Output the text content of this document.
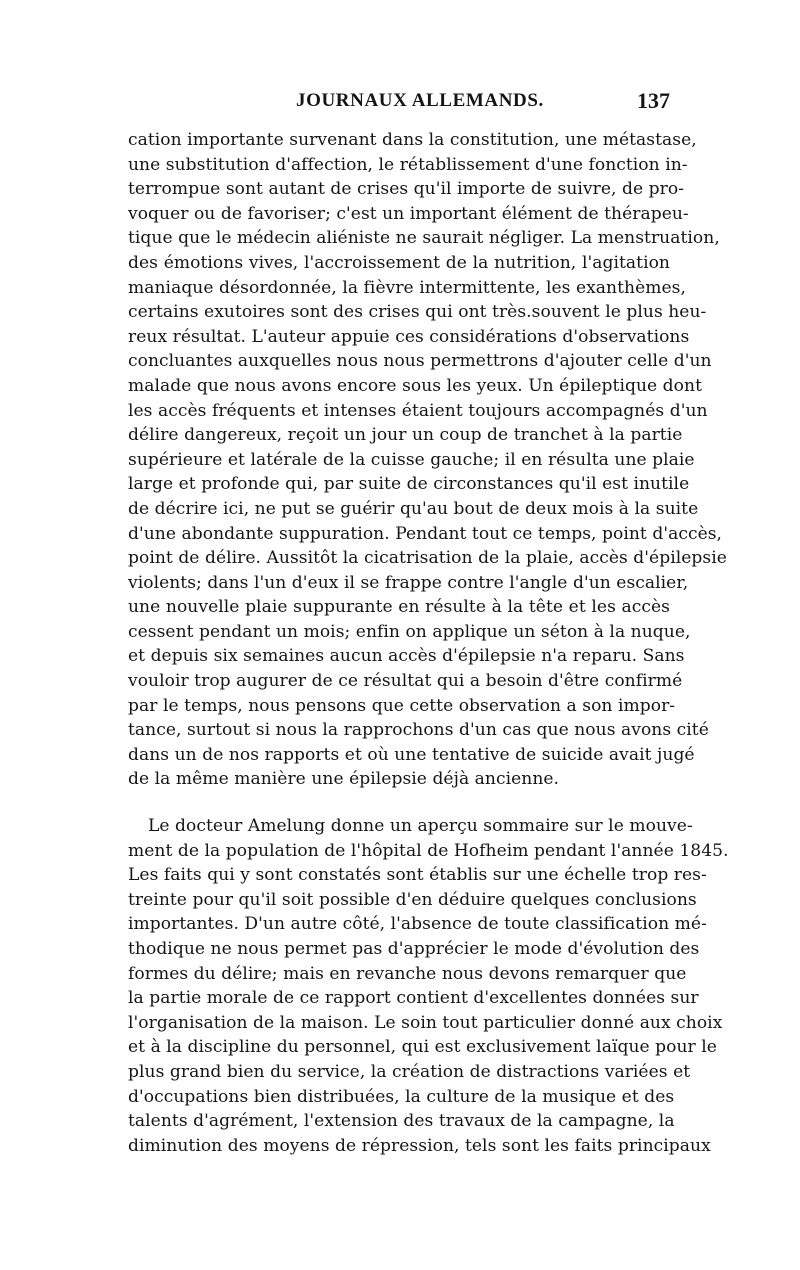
JOURNAUX ALLEMANDS.	137
cation importante survenant dans la constitution, une métastase,
une substitution d'affection, le rétablissement d'une fonction in-
terrompue sont autant de crises qu'il importe de suivre, de pro-
voquer ou de favoriser; c'est un important élément de thérapeu-
tique que le médecin aliéniste ne saurait négliger. La menstruation,
des émotions vives, l'accroissement de la nutrition, l'agitation
maniaque désordonnée, la fièvre intermittente, les exanthèmes,
certains exutoires sont des crises qui ont très.souvent le plus heu-
reux résultat. L'auteur appuie ces considérations d'observations
concluantes auxquelles nous nous permettrons d'ajouter celle d'un
malade que nous avons encore sous les yeux. Un épileptique dont
les accès fréquents et intenses étaient toujours accompagnés d'un
délire dangereux, reçoit un jour un coup de tranchet à la partie
supérieure et latérale de la cuisse gauche; il en résulta une plaie
large et profonde qui, par suite de circonstances qu'il est inutile
de décrire ici, ne put se guérir qu'au bout de deux mois à la suite
d'une abondante suppuration. Pendant tout ce temps, point d'accès,
point de délire. Aussitôt la cicatrisation de la plaie, accès d'épilepsie
violents; dans l'un d'eux il se frappe contre l'angle d'un escalier,
une nouvelle plaie suppurante en résulte à la tête et les accès
cessent pendant un mois; enfin on applique un séton à la nuque,
et depuis six semaines aucun accès d'épilepsie n'a reparu. Sans
vouloir trop augurer de ce résultat qui a besoin d'être confirmé
par le temps, nous pensons que cette observation a son impor-
tance, surtout si nous la rapprochons d'un cas que nous avons cité
dans un de nos rapports et où une tentative de suicide avait jugé
de la même manière une épilepsie déjà ancienne.
Le docteur Amelung donne un aperçu sommaire sur le mouve-
ment de la population de l'hôpital de Hofheim pendant l'année 1845.
Les faits qui y sont constatés sont établis sur une échelle trop res-
treinte pour qu'il soit possible d'en déduire quelques conclusions
importantes. D'un autre côté, l'absence de toute classification mé-
thodique ne nous permet pas d'apprécier le mode d'évolution des
formes du délire; mais en revanche nous devons remarquer que
la partie morale de ce rapport contient d'excellentes données sur
l'organisation de la maison. Le soin tout particulier donné aux choix
et à la discipline du personnel, qui est exclusivement laïque pour le
plus grand bien du service, la création de distractions variées et
d'occupations bien distribuées, la culture de la musique et des
talents d'agrément, l'extension des travaux de la campagne, la
diminution des moyens de répression, tels sont les faits principaux
